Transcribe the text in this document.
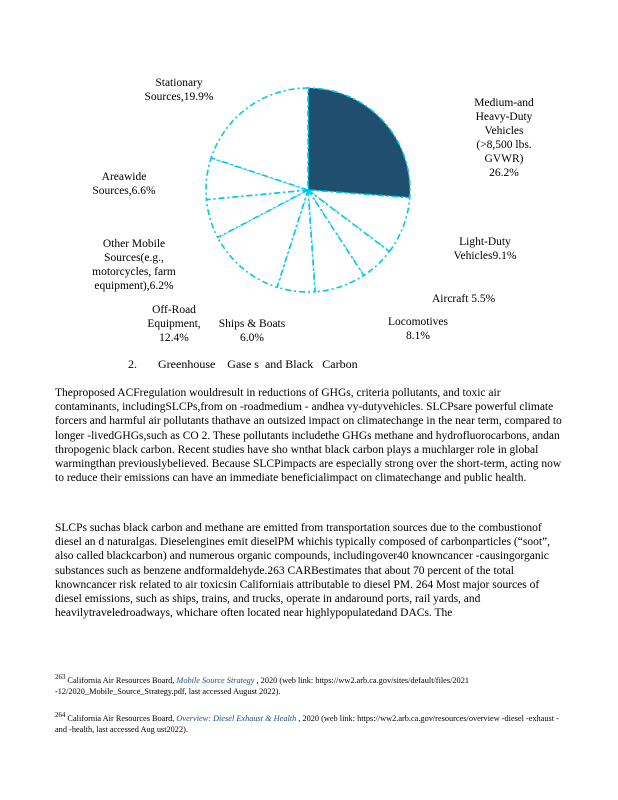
Medium-and
Heavy-Duty
Vehicles
(>8,500 lbs.
GVWR)
26.2%
Light-Duty
Vehicles9.1%
Aircraft 5.5%
Locomotives
8.1%
Ships & Boats
6.0%
Off-Road
Equipment,
12.4%
Other Mobile
Sources(e.g.,
motorcycles, farm
equipment),6.2%
Areawide
Sources,6.6%
Stationary
Sources,19.9%
2.       Greenhouse    Gase s  and Black   Carbon
Theproposed ACFregulation wouldresult in reductions of GHGs, criteria pollutants, and toxic air contaminants, includingSLCPs,from on -roadmedium - andhea vy-dutyvehicles. SLCPsare powerful climate forcers and harmful air pollutants thathave an outsized impact on climatechange in the near term, compared to longer -livedGHGs,such as CO 2. These pollutants includethe GHGs methane and hydrofluorocarbons, andan thropogenic black carbon. Recent studies have sho wnthat black carbon plays a muchlarger role in global warmingthan previouslybelieved. Because SLCPimpacts are especially strong over the short-term, acting now to reduce their emissions can have an immediate beneficialimpact on climatechange and public health.
SLCPs suchas black carbon and methane are emitted from transportation sources due to the combustionof diesel an d naturalgas. Dieselengines emit dieselPM whichis typically composed of carbonparticles (“soot”, also called blackcarbon) and numerous organic compounds, includingover40 knowncancer -causingorganic substances such as benzene andformaldehyde.263 CARBestimates that about 70 percent of the total knowncancer risk related to air toxicsin Californiais attributable to diesel PM. 264 Most major sources of diesel emissions, such as ships, trains, and trucks, operate in andaround ports, rail yards, and heavilytraveledroadways, whichare often located near highlypopulatedand DACs. The
$^{263}$ California Air Resources Board, Mobile Source Strategy , 2020 (web link: https://ww2.arb.ca.gov/sites/default/files/2021 -12/2020_Mobile_Source_Strategy.pdf, last accessed August 2022).
$^{264}$ California Air Resources Board, Overview: Diesel Exhaust & Health , 2020 (web link: https://ww2.arb.ca.gov/resources/overview -diesel -exhaust -and -health, last accessed Aug ust2022).
